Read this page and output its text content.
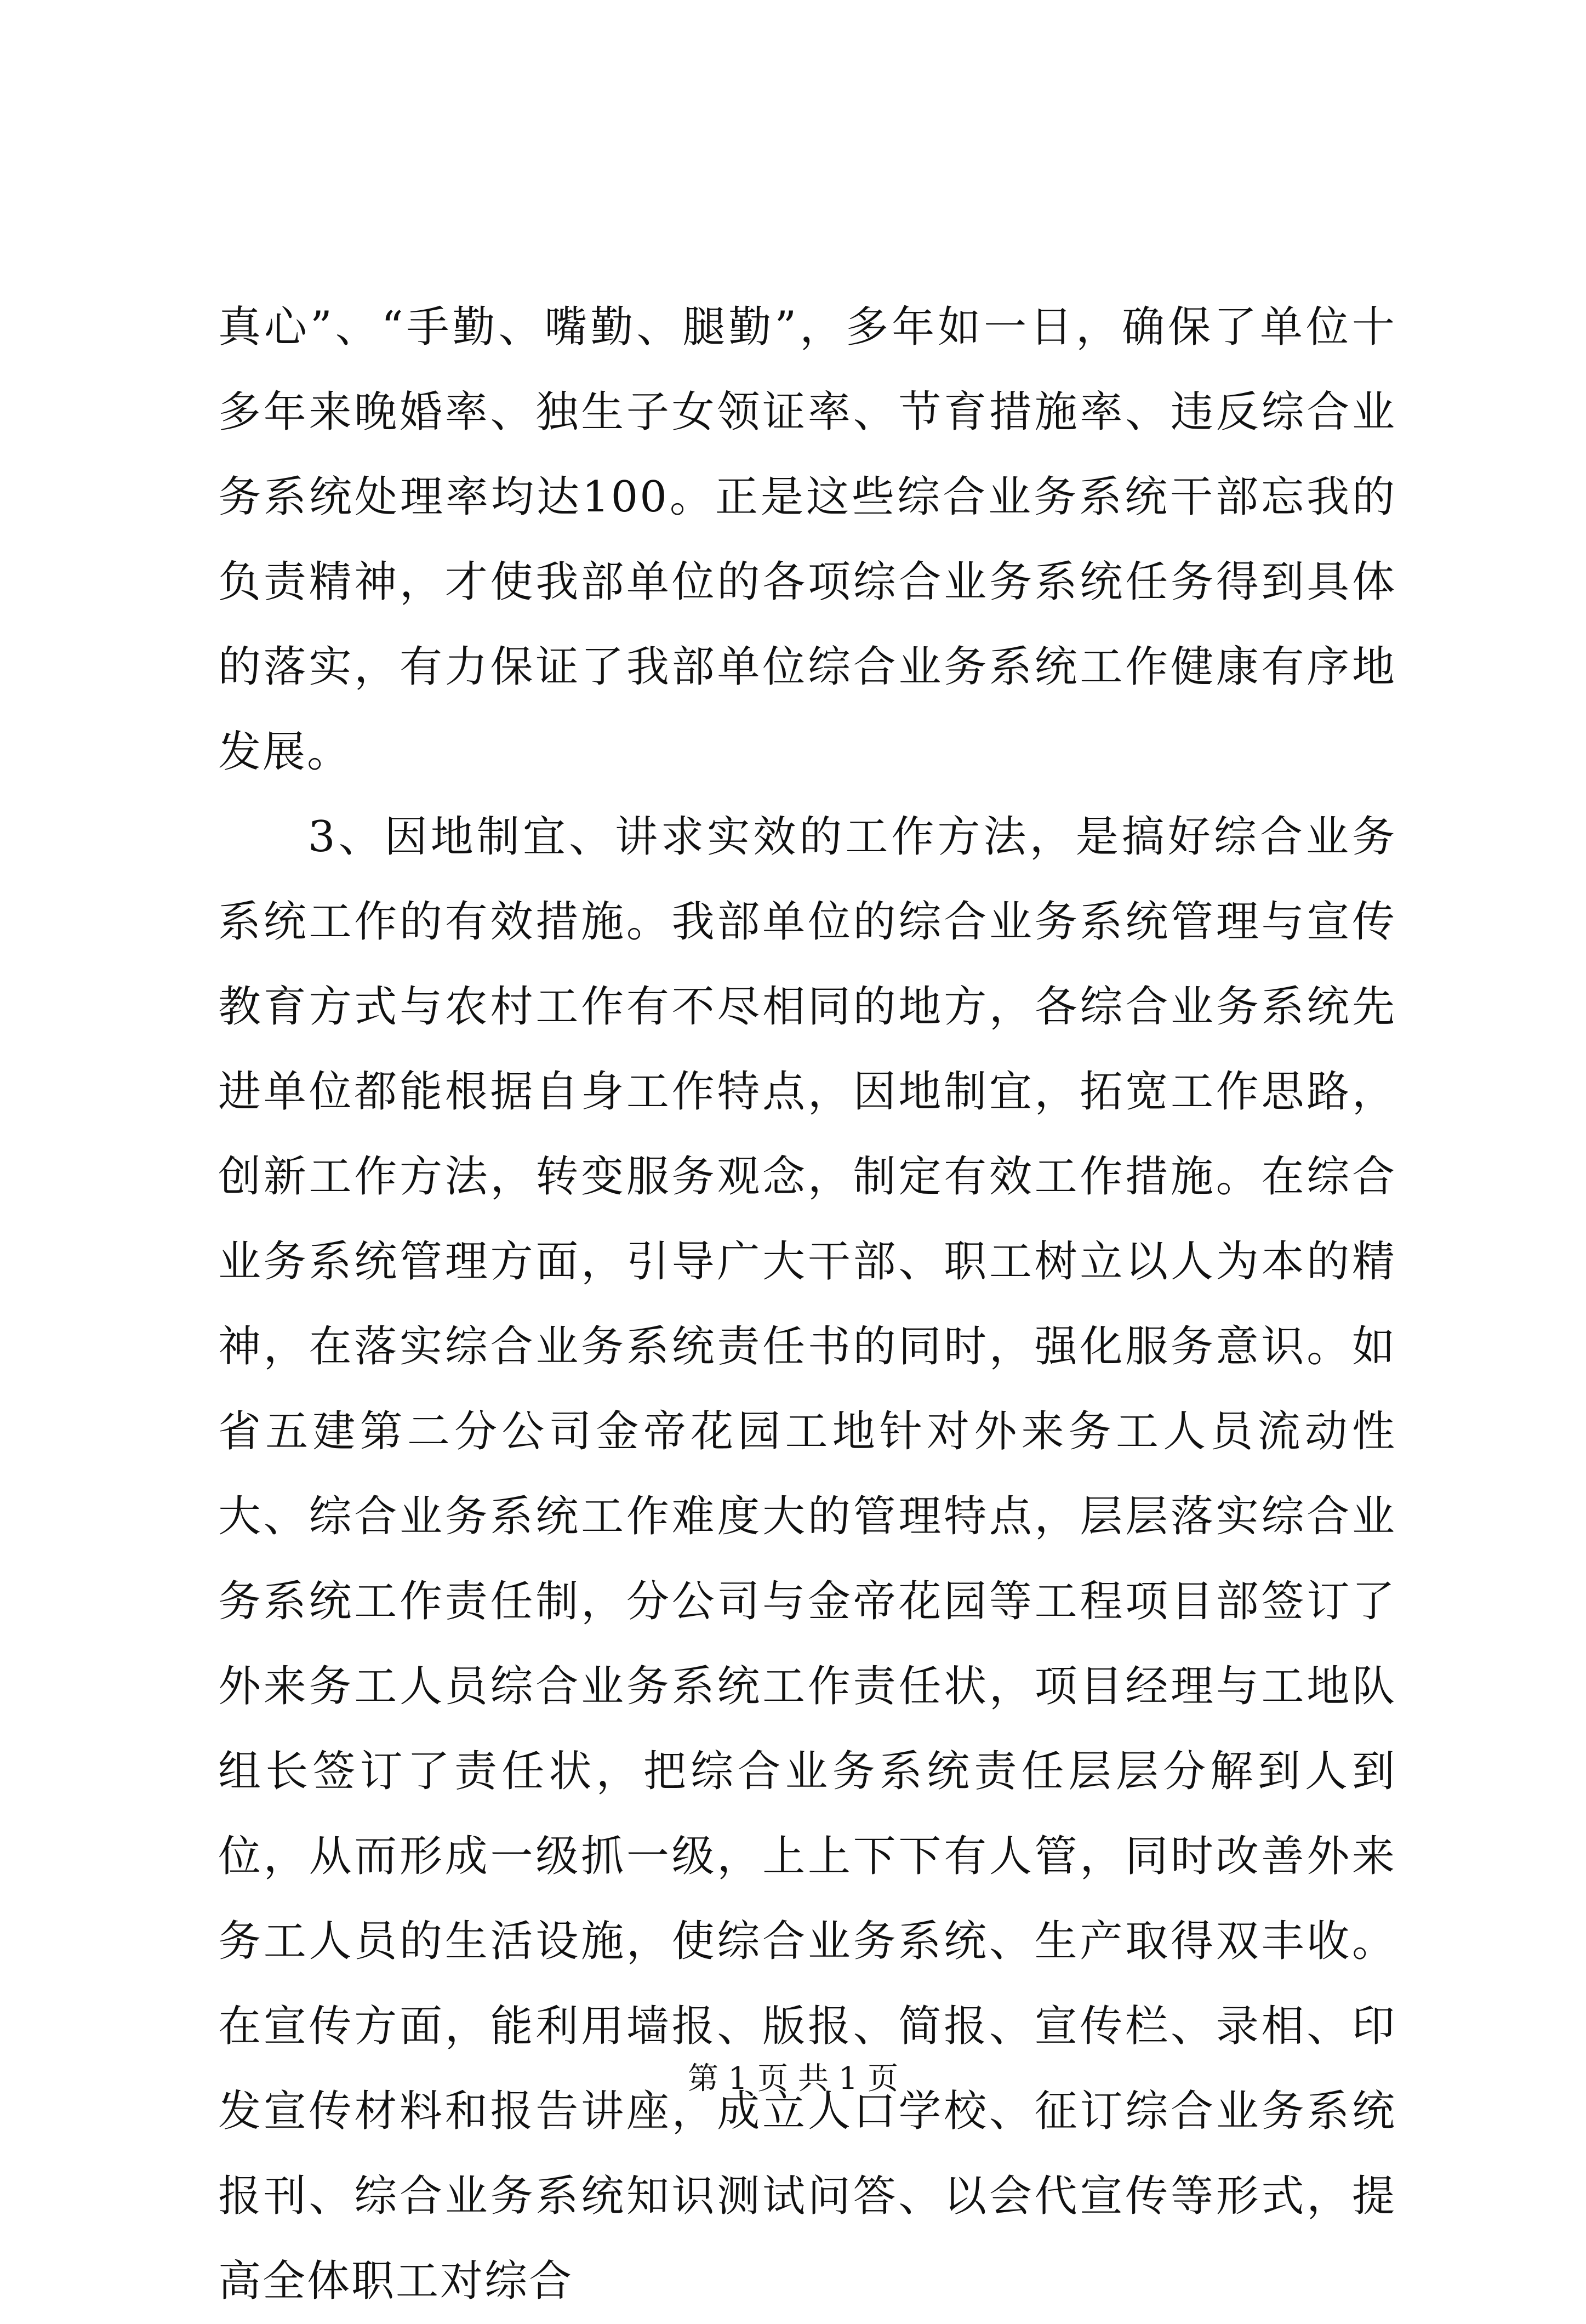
真心”、“手勤、嘴勤、腿勤”，多年如一日，确保了单位十多年来晚婚率、独生子女领证率、节育措施率、违反综合业务系统处理率均达100。正是这些综合业务系统干部忘我的负责精神，才使我部单位的各项综合业务系统任务得到具体的落实，有力保证了我部单位综合业务系统工作健康有序地发展。

3、因地制宜、讲求实效的工作方法，是搞好综合业务系统工作的有效措施。我部单位的综合业务系统管理与宣传教育方式与农村工作有不尽相同的地方，各综合业务系统先进单位都能根据自身工作特点，因地制宜，拓宽工作思路，创新工作方法，转变服务观念，制定有效工作措施。在综合业务系统管理方面，引导广大干部、职工树立以人为本的精神，在落实综合业务系统责任书的同时，强化服务意识。如省五建第二分公司金帝花园工地针对外来务工人员流动性大、综合业务系统工作难度大的管理特点，层层落实综合业务系统工作责任制，分公司与金帝花园等工程项目部签订了外来务工人员综合业务系统工作责任状，项目经理与工地队组长签订了责任状，把综合业务系统责任层层分解到人到位，从而形成一级抓一级，上上下下有人管，同时改善外来务工人员的生活设施，使综合业务系统、生产取得双丰收。在宣传方面，能利用墙报、版报、简报、宣传栏、录相、印发宣传材料和报告讲座，成立人口学校、征订综合业务系统报刊、综合业务系统知识测试问答、以会代宣传等形式，提高全体职工对综合

第 1 页 共 1 页
